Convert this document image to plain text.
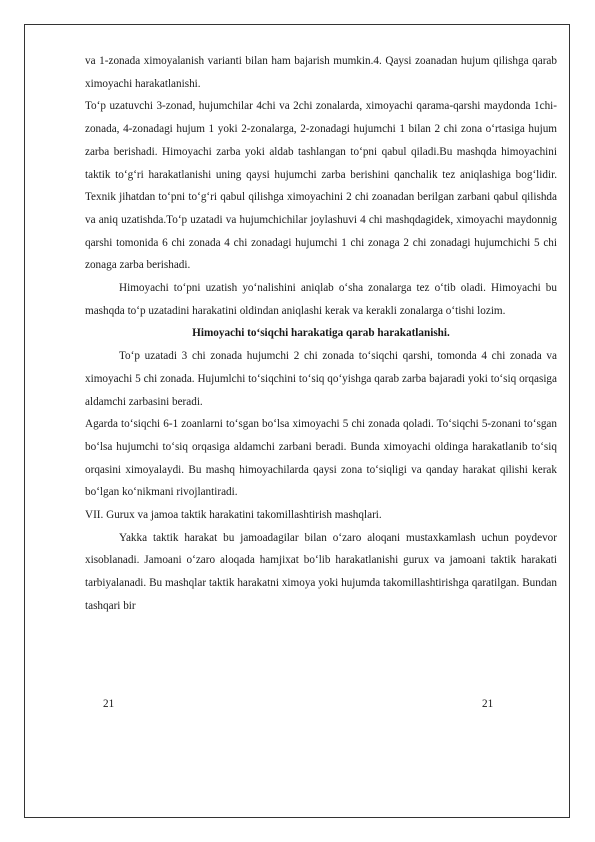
va 1-zonada ximoyalanish varianti bilan ham bajarish mumkin.4. Qaysi zoanadan hujum qilishga qarab ximoyachi harakatlanishi.

To‘p uzatuvchi 3-zonad, hujumchilar 4chi va 2chi zonalarda, ximoyachi qarama-qarshi maydonda 1chi-zonada, 4-zonadagi hujum 1 yoki 2-zonalarga, 2-zonadagi hujumchi 1 bilan 2 chi zona o‘rtasiga hujum zarba berishadi. Himoyachi zarba yoki aldab tashlangan to‘pni qabul qiladi.Bu mashqda himoyachini taktik to‘g‘ri harakatlanishi uning qaysi hujumchi zarba berishini qanchalik tez aniqlashiga bog‘lidir. Texnik jihatdan to‘pni to‘g‘ri qabul qilishga ximoyachini 2 chi zoanadan berilgan zarbani qabul qilishda va aniq uzatishda.To‘p uzatadi va hujumchichilar joylashuvi 4 chi mashqdagidek, ximoyachi maydonnig qarshi tomonida 6 chi zonada 4 chi zonadagi hujumchi 1 chi zonaga 2 chi zonadagi hujumchichi 5 chi zonaga zarba berishadi.

Himoyachi to‘pni uzatish yo‘nalishini aniqlab o‘sha zonalarga tez o‘tib oladi. Himoyachi bu mashqda to‘p uzatadini harakatini oldindan aniqlashi kerak va kerakli zonalarga o‘tishi lozim.

Himoyachi to‘siqchi harakatiga qarab harakatlanishi.

To‘p uzatadi 3 chi zonada hujumchi 2 chi zonada to‘siqchi qarshi, tomonda 4 chi zonada va ximoyachi 5 chi zonada. Hujumlchi to‘siqchini to‘siq qo‘yishga qarab zarba bajaradi yoki to‘siq orqasiga aldamchi zarbasini beradi.

Agarda to‘siqchi 6-1 zoanlarni to‘sgan bo‘lsa ximoyachi 5 chi zonada qoladi. To‘siqchi 5-zonani to‘sgan bo‘lsa hujumchi to‘siq orqasiga aldamchi zarbani beradi. Bunda ximoyachi oldinga harakatlanib to‘siq orqasini ximoyalaydi. Bu mashq himoyachilarda qaysi zona to‘siqligi va qanday harakat qilishi kerak bo‘lgan ko‘nikmani rivojlantiradi.

VII. Gurux va jamoa taktik harakatini takomillashtirish mashqlari.

Yakka taktik harakat bu jamoadagilar bilan o‘zaro aloqani mustaxkamlash uchun poydevor xisoblanadi. Jamoani o‘zaro aloqada hamjixat bo‘lib harakatlanishi gurux va jamoani taktik harakati tarbiyalanadi. Bu mashqlar taktik harakatni ximoya yoki hujumda takomillashtirishga qaratilgan. Bundan tashqari bir

21	21
